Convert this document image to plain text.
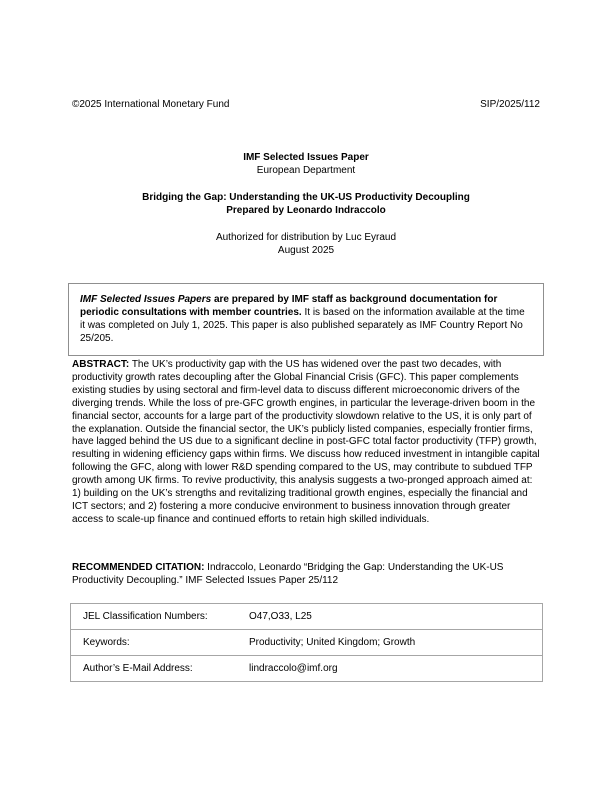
©2025 International Monetary Fund	SIP/2025/112

IMF Selected Issues Paper
European Department

Bridging the Gap: Understanding the UK-US Productivity Decoupling
Prepared by Leonardo Indraccolo

Authorized for distribution by Luc Eyraud
August 2025

IMF Selected Issues Papers are prepared by IMF staff as background documentation for periodic consultations with member countries. It is based on the information available at the time it was completed on July 1, 2025. This paper is also published separately as IMF Country Report No 25/205.

ABSTRACT: The UK’s productivity gap with the US has widened over the past two decades, with productivity growth rates decoupling after the Global Financial Crisis (GFC). This paper complements existing studies by using sectoral and firm-level data to discuss different microeconomic drivers of the diverging trends. While the loss of pre-GFC growth engines, in particular the leverage-driven boom in the financial sector, accounts for a large part of the productivity slowdown relative to the US, it is only part of the explanation. Outside the financial sector, the UK’s publicly listed companies, especially frontier firms, have lagged behind the US due to a significant decline in post-GFC total factor productivity (TFP) growth, resulting in widening efficiency gaps within firms. We discuss how reduced investment in intangible capital following the GFC, along with lower R&D spending compared to the US, may contribute to subdued TFP growth among UK firms. To revive productivity, this analysis suggests a two-pronged approach aimed at: 1) building on the UK’s strengths and revitalizing traditional growth engines, especially the financial and ICT sectors; and 2) fostering a more conducive environment to business innovation through greater access to scale-up finance and continued efforts to retain high skilled individuals.

RECOMMENDED CITATION: Indraccolo, Leonardo “Bridging the Gap: Understanding the UK-US Productivity Decoupling.” IMF Selected Issues Paper 25/112

JEL Classification Numbers:	O47,O33, L25
Keywords:	Productivity; United Kingdom; Growth
Author’s E-Mail Address:	lindraccolo@imf.org
